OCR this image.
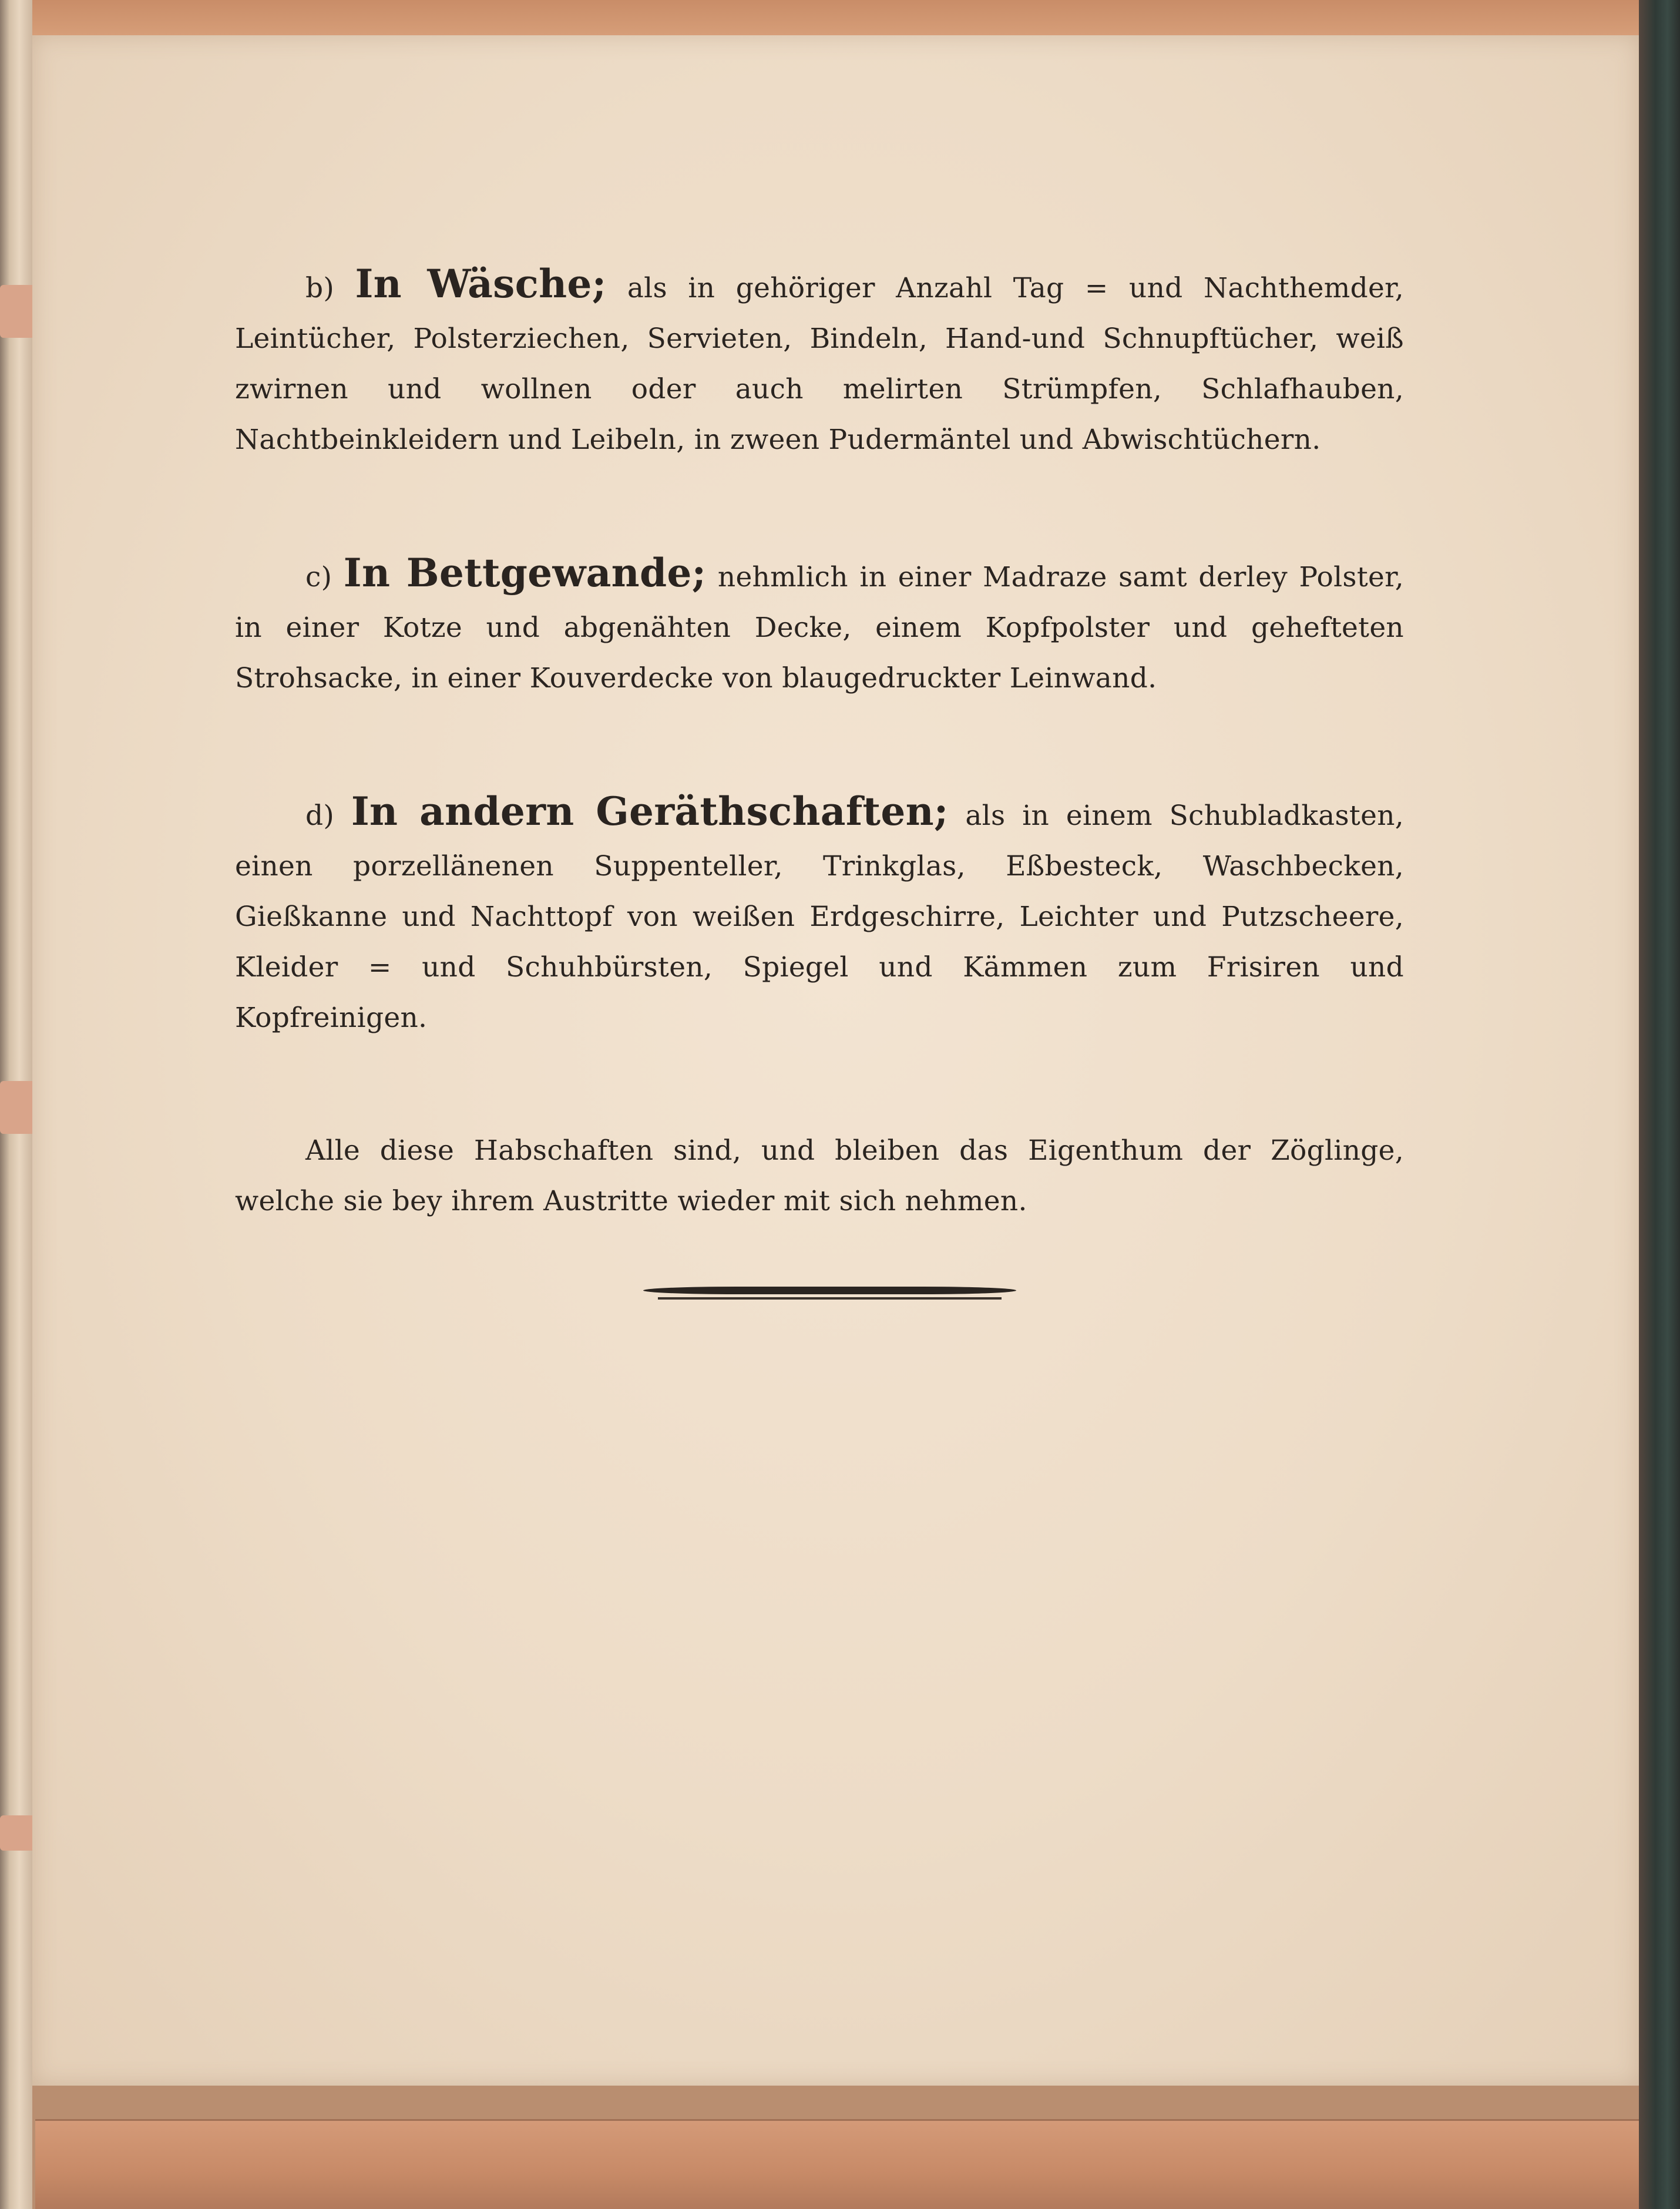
b) In Wäsche; als in gehöriger Anzahl Tag = und Nachthemder, Leintücher, Polsterziechen, Servieten, Bindeln, Hand-und Schnupftücher, weiß zwirnen und wollnen oder auch melirten Strümpfen, Schlafhauben, Nachtbeinkleidern und Leibeln, in zween Pudermäntel und Abwischtüchern.

c) In Bettgewande; nehmlich in einer Madraze samt derley Polster, in einer Kotze und abgenähten Decke, einem Kopfpolster und gehefteten Strohsacke, in einer Kouverdecke von blaugedruckter Leinwand.

d) In andern Geräthschaften; als in einem Schubladkasten, einen porzellänenen Suppenteller, Trinkglas, Eßbesteck, Waschbecken, Gießkanne und Nachttopf von weißen Erdgeschirre, Leichter und Putzscheere, Kleider = und Schuhbürsten, Spiegel und Kämmen zum Frisiren und Kopfreinigen.

Alle diese Habschaften sind, und bleiben das Eigenthum der Zöglinge, welche sie bey ihrem Austritte wieder mit sich nehmen.
